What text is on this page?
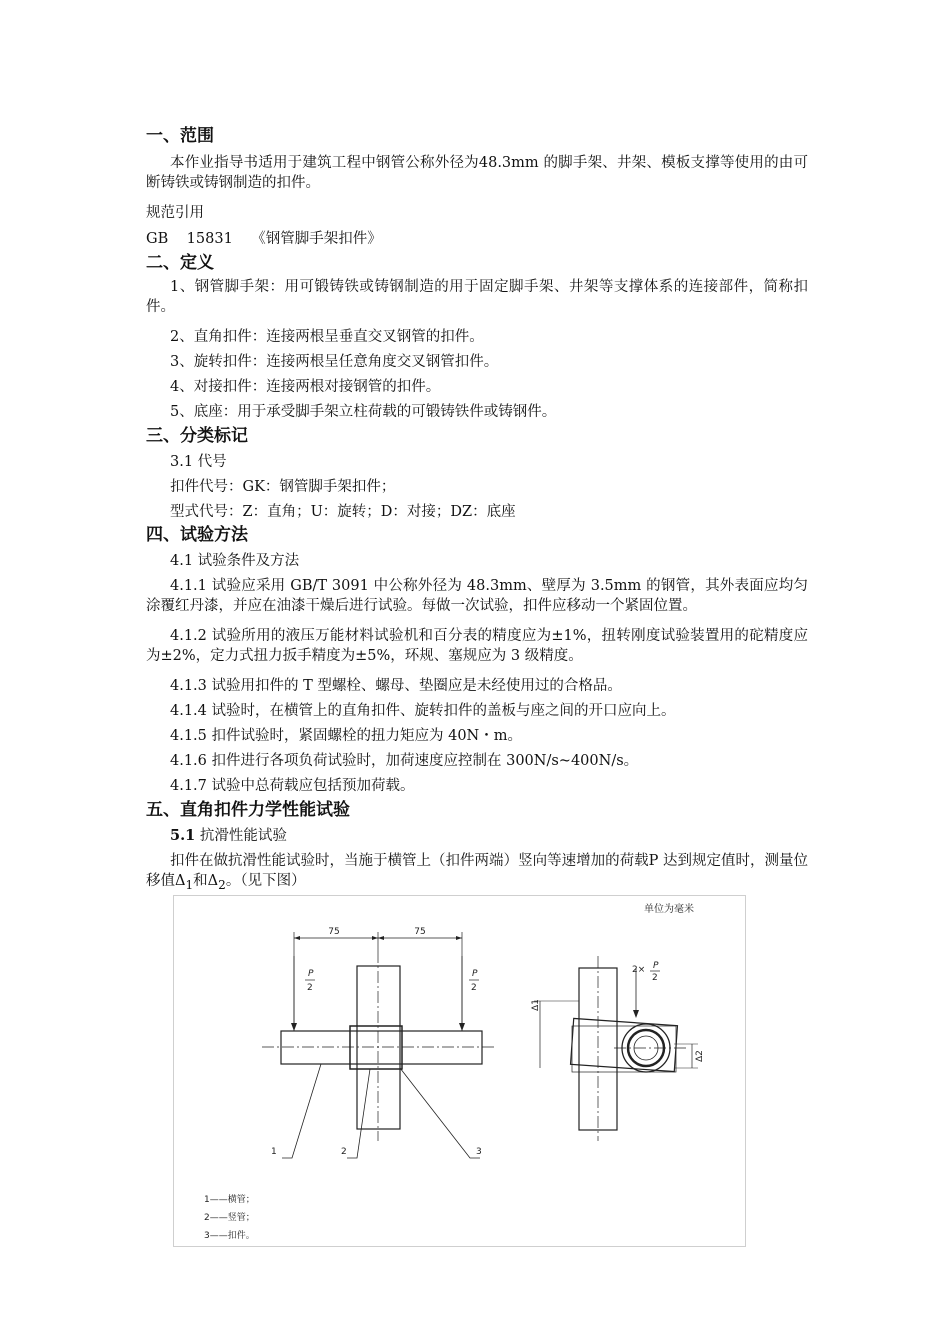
一、范围
本作业指导书适用于建筑工程中钢管公称外径为48.3mm 的脚手架、井架、模板支撑等使用的由可断铸铁或铸钢制造的扣件。
规范引用
GB    15831    《钢管脚手架扣件》
二、定义
1、钢管脚手架：用可锻铸铁或铸钢制造的用于固定脚手架、井架等支撑体系的连接部件，简称扣件。
2、直角扣件：连接两根呈垂直交叉钢管的扣件。
3、旋转扣件：连接两根呈任意角度交叉钢管扣件。
4、对接扣件：连接两根对接钢管的扣件。
5、底座：用于承受脚手架立柱荷载的可锻铸铁件或铸钢件。
三、分类标记
3.1 代号
扣件代号：GK：钢管脚手架扣件；
型式代号：Z：直角；U：旋转；D：对接；DZ：底座
四、试验方法
4.1 试验条件及方法
4.1.1 试验应采用 GB/T 3091 中公称外径为 48.3mm、壁厚为 3.5mm 的钢管，其外表面应均匀涂覆红丹漆，并应在油漆干燥后进行试验。每做一次试验，扣件应移动一个紧固位置。
4.1.2 试验所用的液压万能材料试验机和百分表的精度应为±1%，扭转刚度试验装置用的砣精度应为±2%，定力式扭力扳手精度为±5%，环规、塞规应为 3 级精度。
4.1.3 试验用扣件的 T 型螺栓、螺母、垫圈应是未经使用过的合格品。
4.1.4 试验时，在横管上的直角扣件、旋转扣件的盖板与座之间的开口应向上。
4.1.5 扣件试验时，紧固螺栓的扭力矩应为 40N・m。
4.1.6 扣件进行各项负荷试验时，加荷速度应控制在 300N/s~400N/s。
4.1.7 试验中总荷载应包括预加荷载。
五、直角扣件力学性能试验
5.1 抗滑性能试验
扣件在做抗滑性能试验时，当施于横管上（扣件两端）竖向等速增加的荷载P 达到规定值时，测量位移值$\Delta_1$和$\Delta_2$。（见下图）
单位为毫米
75	75
P
2
P
2
2× P
2
Δ1
Δ2
1	2	3
1——横管；
2——竖管；
3——扣件。
